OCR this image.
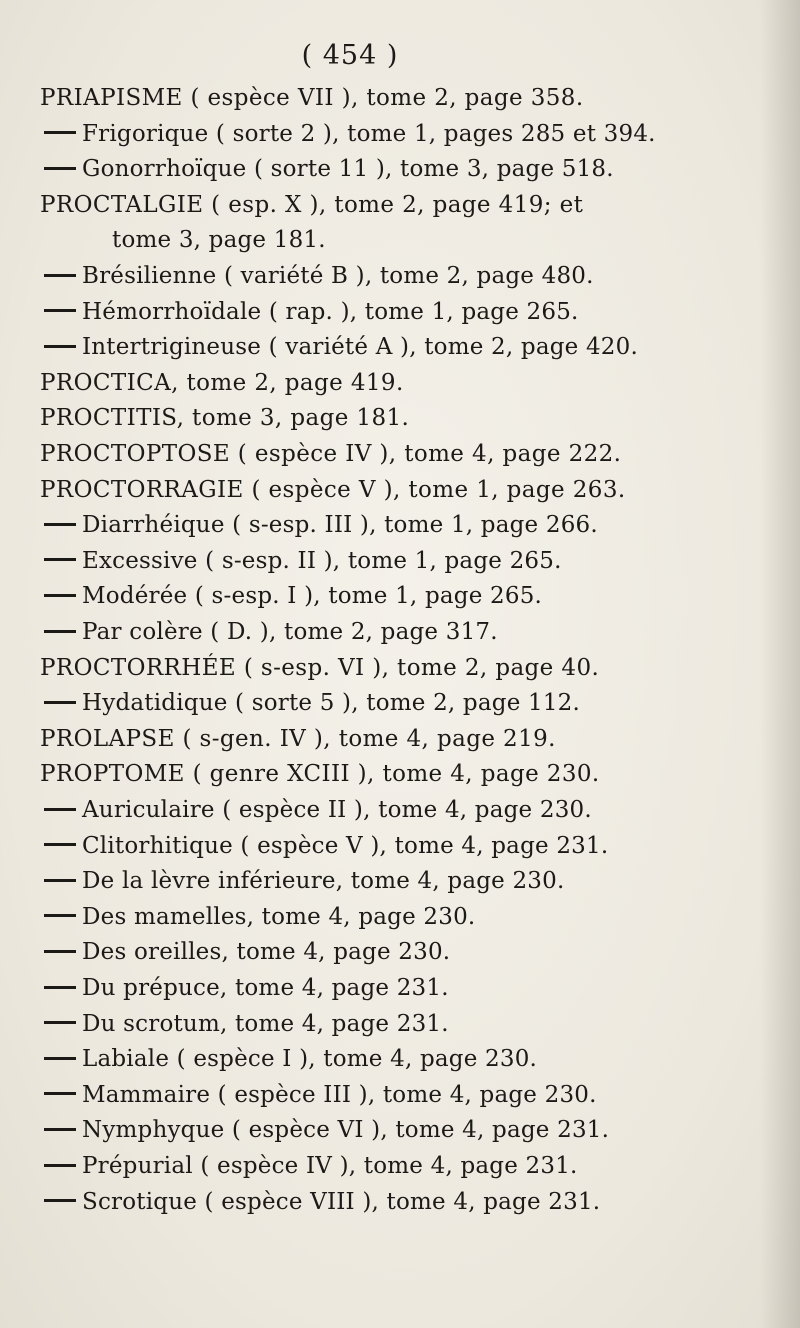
( 454 )
PRIAPISME ( espèce VII ), tome 2, page 358.
Frigorique ( sorte 2 ), tome 1, pages 285 et 394.
Gonorrhoïque ( sorte 11 ), tome 3, page 518.
PROCTALGIE ( esp. X ), tome 2, page 419; et
tome 3, page 181.
Brésilienne ( variété B ), tome 2, page 480.
Hémorrhoïdale ( rap. ), tome 1, page 265.
Intertrigineuse ( variété A ), tome 2, page 420.
PROCTICA, tome 2, page 419.
PROCTITIS, tome 3, page 181.
PROCTOPTOSE ( espèce IV ), tome 4, page 222.
PROCTORRAGIE ( espèce V ), tome 1, page 263.
Diarrhéique ( s-esp. III ), tome 1, page 266.
Excessive ( s-esp. II ), tome 1, page 265.
Modérée ( s-esp. I ), tome 1, page 265.
Par colère ( D. ), tome 2, page 317.
PROCTORRHÉE ( s-esp. VI ), tome 2, page 40.
Hydatidique ( sorte 5 ), tome 2, page 112.
PROLAPSE ( s-gen. IV ), tome 4, page 219.
PROPTOME ( genre XCIII ), tome 4, page 230.
Auriculaire ( espèce II ), tome 4, page 230.
Clitorhitique ( espèce V ), tome 4, page 231.
De la lèvre inférieure, tome 4, page 230.
Des mamelles, tome 4, page 230.
Des oreilles, tome 4, page 230.
Du prépuce, tome 4, page 231.
Du scrotum, tome 4, page 231.
Labiale ( espèce I ), tome 4, page 230.
Mammaire ( espèce III ), tome 4, page 230.
Nymphyque ( espèce VI ), tome 4, page 231.
Prépurial ( espèce IV ), tome 4, page 231.
Scrotique ( espèce VIII ), tome 4, page 231.
